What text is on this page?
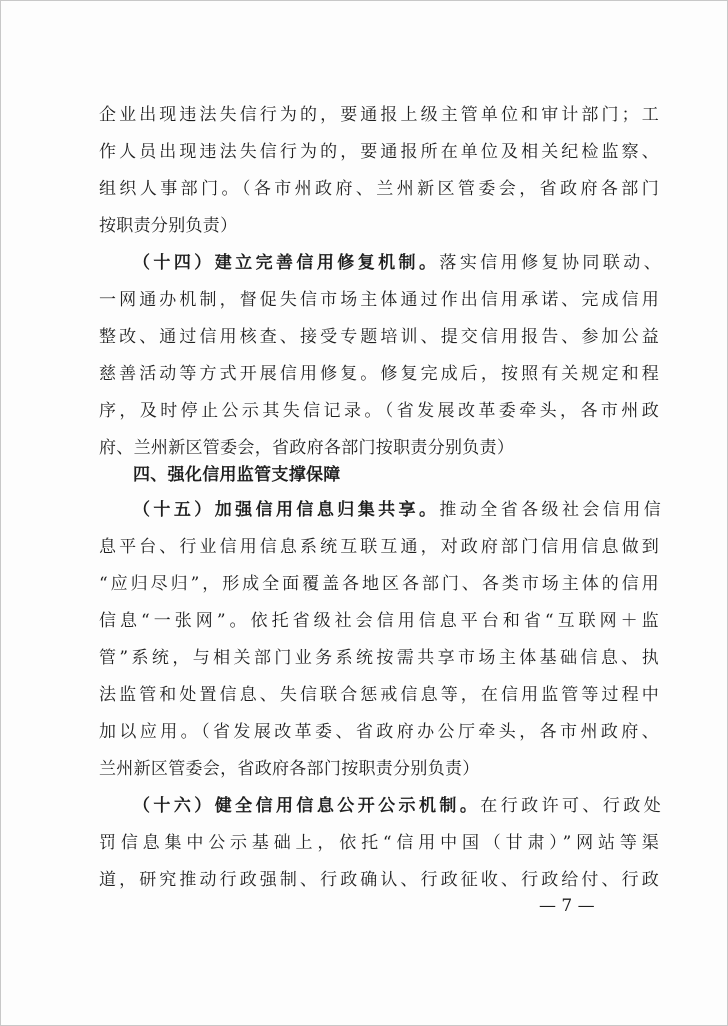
企业出现违法失信行为的，要通报上级主管单位和审计部门；工
作人员出现违法失信行为的，要通报所在单位及相关纪检监察、
组织人事部门。（各市州政府、兰州新区管委会，省政府各部门
按职责分别负责）
（十四）建立完善信用修复机制。落实信用修复协同联动、
一网通办机制，督促失信市场主体通过作出信用承诺、完成信用
整改、通过信用核查、接受专题培训、提交信用报告、参加公益
慈善活动等方式开展信用修复。修复完成后，按照有关规定和程
序，及时停止公示其失信记录。（省发展改革委牵头，各市州政
府、兰州新区管委会，省政府各部门按职责分别负责）
四、强化信用监管支撑保障
（十五）加强信用信息归集共享。推动全省各级社会信用信
息平台、行业信用信息系统互联互通，对政府部门信用信息做到
“应归尽归”，形成全面覆盖各地区各部门、各类市场主体的信用
信息“一张网”。依托省级社会信用信息平台和省“互联网＋监
管”系统，与相关部门业务系统按需共享市场主体基础信息、执
法监管和处置信息、失信联合惩戒信息等，在信用监管等过程中
加以应用。（省发展改革委、省政府办公厅牵头，各市州政府、
兰州新区管委会，省政府各部门按职责分别负责）
（十六）健全信用信息公开公示机制。在行政许可、行政处
罚信息集中公示基础上，依托“信用中国（甘肃）”网站等渠
道，研究推动行政强制、行政确认、行政征收、行政给付、行政
— 7 —
